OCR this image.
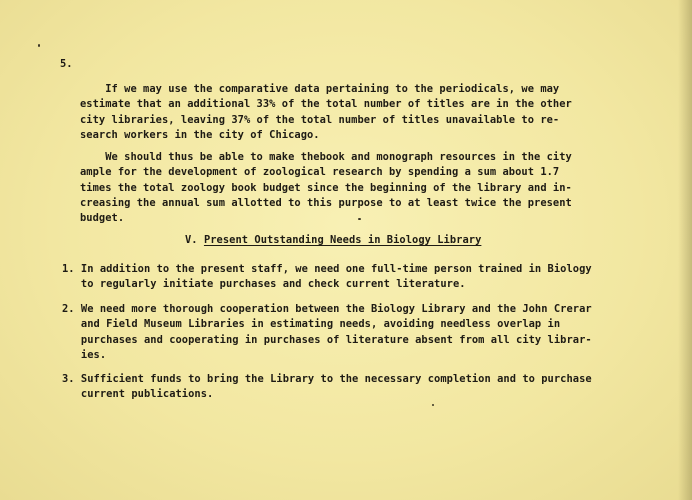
5.

If we may use the comparative data pertaining to the periodicals, we may
estimate that an additional 33% of the total number of titles are in the other
city libraries, leaving 37% of the total number of titles unavailable to re-
search workers in the city of Chicago.

We should thus be able to make thebook and monograph resources in the city
ample for the development of zoological research by spending a sum about 1.7
times the total zoology book budget since the beginning of the library and in-
creasing the annual sum allotted to this purpose to at least twice the present
budget.

V. Present Outstanding Needs in Biology Library

1. In addition to the present staff, we need one full-time person trained in Biology
to regularly initiate purchases and check current literature.

2. We need more thorough cooperation between the Biology Library and the John Crerar
and Field Museum Libraries in estimating needs, avoiding needless overlap in
purchases and cooperating in purchases of literature absent from all city librar-
ies.

3. Sufficient funds to bring the Library to the necessary completion and to purchase
current publications.
